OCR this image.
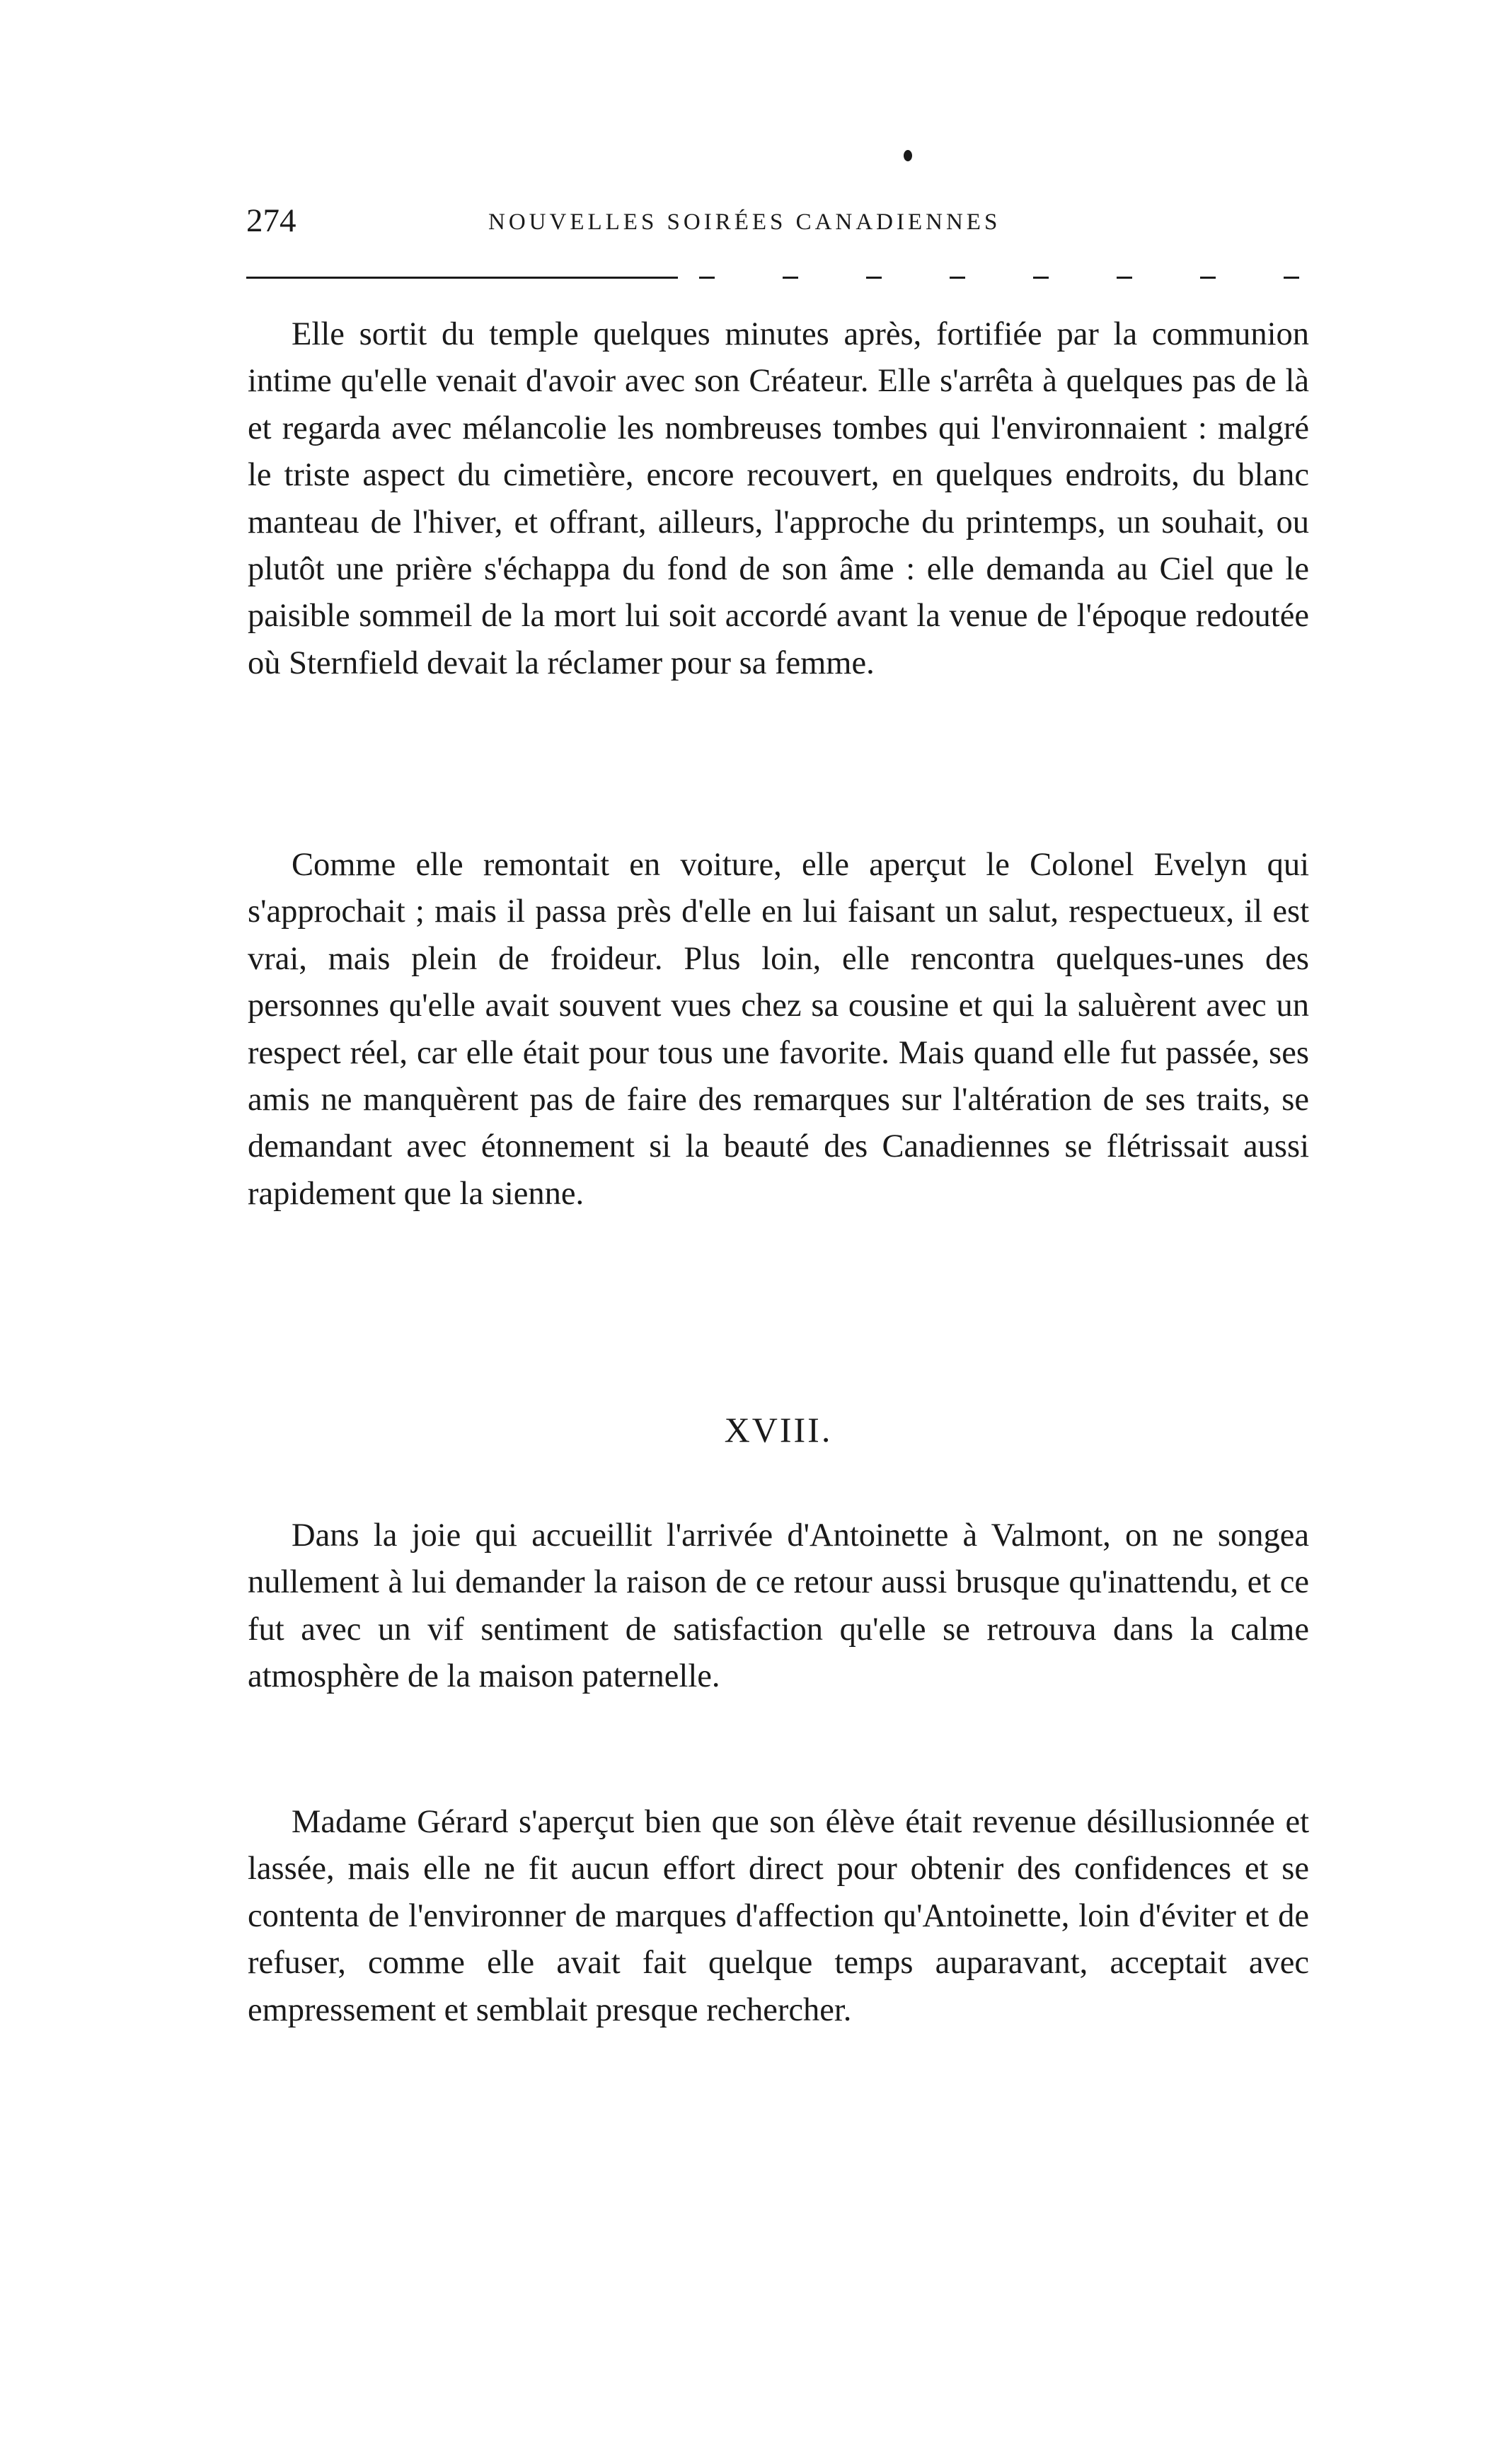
274	NOUVELLES SOIRÉES CANADIENNES

Elle sortit du temple quelques minutes après, fortifiée par la communion intime qu'elle venait d'avoir avec son Créateur. Elle s'arrêta à quelques pas de là et regarda avec mélancolie les nombreuses tombes qui l'environnaient : malgré le triste aspect du cimetière, encore recouvert, en quelques endroits, du blanc manteau de l'hiver, et offrant, ailleurs, l'approche du printemps, un souhait, ou plutôt une prière s'échappa du fond de son âme : elle demanda au Ciel que le paisible sommeil de la mort lui soit accordé avant la venue de l'époque redoutée où Sternfield devait la réclamer pour sa femme.

Comme elle remontait en voiture, elle aperçut le Colonel Evelyn qui s'approchait ; mais il passa près d'elle en lui faisant un salut, respectueux, il est vrai, mais plein de froideur. Plus loin, elle rencontra quelques-unes des personnes qu'elle avait souvent vues chez sa cousine et qui la saluèrent avec un respect réel, car elle était pour tous une favorite. Mais quand elle fut passée, ses amis ne manquèrent pas de faire des remarques sur l'altération de ses traits, se demandant avec étonnement si la beauté des Canadiennes se flétrissait aussi rapidement que la sienne.

XVIII.

Dans la joie qui accueillit l'arrivée d'Antoinette à Valmont, on ne songea nullement à lui demander la raison de ce retour aussi brusque qu'inattendu, et ce fut avec un vif sentiment de satisfaction qu'elle se retrouva dans la calme atmosphère de la maison paternelle.

Madame Gérard s'aperçut bien que son élève était revenue désillusionnée et lassée, mais elle ne fit aucun effort direct pour obtenir des confidences et se contenta de l'environner de marques d'affection qu'Antoinette, loin d'éviter et de refuser, comme elle avait fait quelque temps auparavant, acceptait avec empressement et semblait presque rechercher.
